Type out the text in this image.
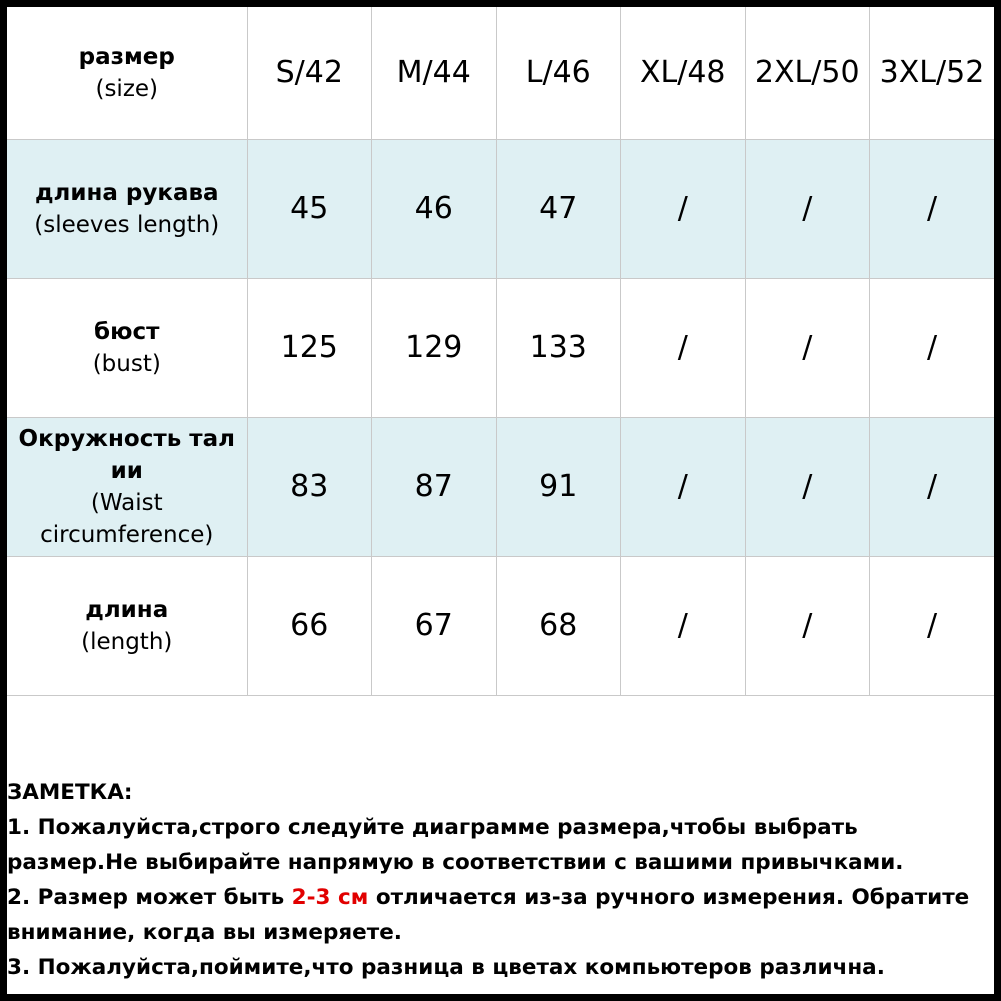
размер
(size)	S/42	M/44	L/46	XL/48	2XL/50	3XL/52

длина рукава
(sleeves length)	45	46	47	/	/	/

бюст
(bust)	125	129	133	/	/	/

Окружность тал ии
(Waist circumference)	83	87	91	/	/	/

длина
(length)	66	67	68	/	/	/
ЗАМЕТКА:
1. Пожалуйста,строго следуйте диаграмме размера,чтобы выбрать размер.Не выбирайте напрямую в соответствии с вашими привычками.
2. Размер может быть 2-3 см отличается из-за ручного измерения. Обратите внимание, когда вы измеряете.
3. Пожалуйста,поймите,что разница в цветах компьютеров различна.
